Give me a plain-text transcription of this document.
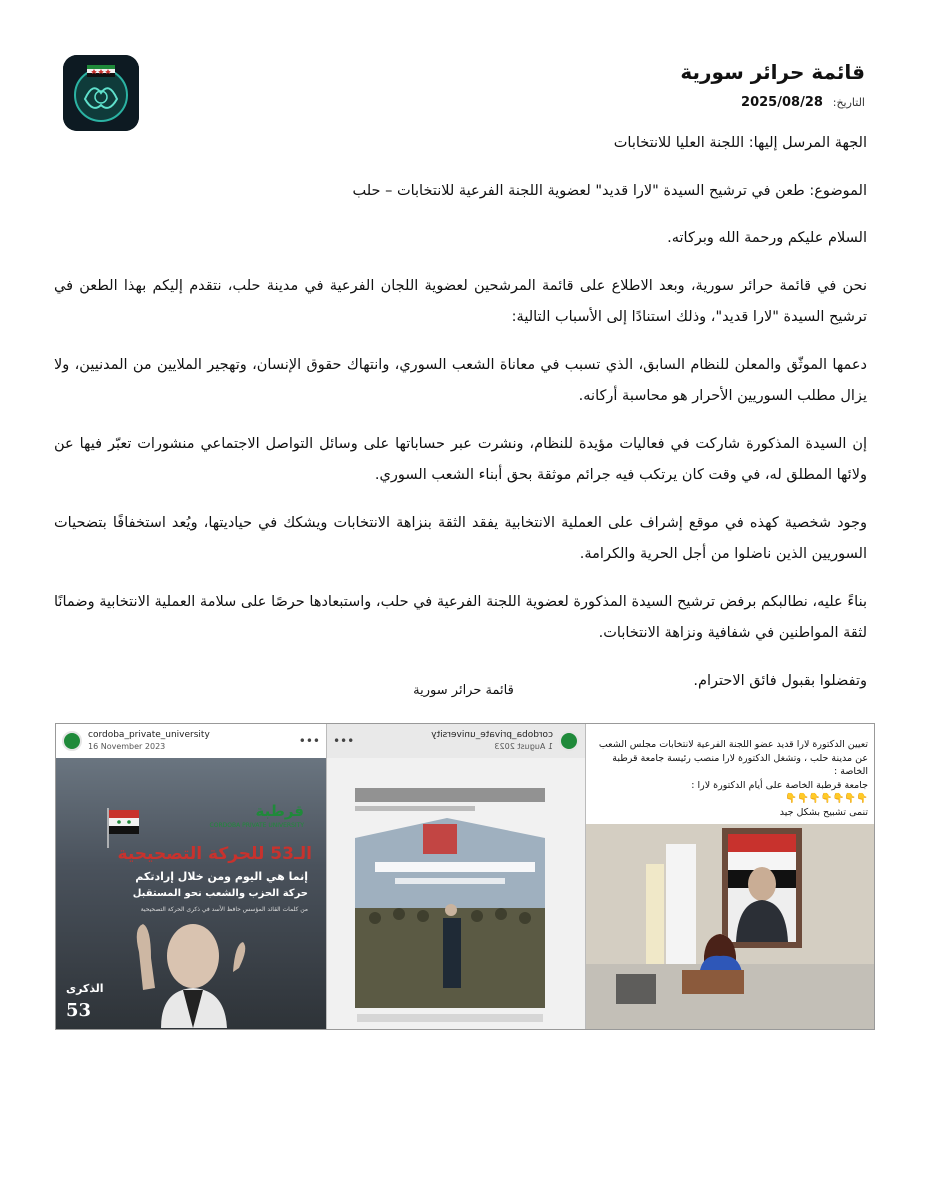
قائمة حرائر سورية
التاريخ: 2025/08/28

الجهة المرسل إليها: اللجنة العليا للانتخابات

الموضوع: طعن في ترشيح السيدة "لارا قديد" لعضوية اللجنة الفرعية للانتخابات – حلب

السلام عليكم ورحمة الله وبركاته.

نحن في قائمة حرائر سورية، وبعد الاطلاع على قائمة المرشحين لعضوية اللجان الفرعية في مدينة حلب، نتقدم إليكم بهذا الطعن في ترشيح السيدة "لارا قديد"، وذلك استنادًا إلى الأسباب التالية:

دعمها الموثّق والمعلن للنظام السابق، الذي تسبب في معاناة الشعب السوري، وانتهاك حقوق الإنسان، وتهجير الملايين من المدنيين، ولا يزال مطلب السوريين الأحرار هو محاسبة أركانه.

إن السيدة المذكورة شاركت في فعاليات مؤيدة للنظام، ونشرت عبر حساباتها على وسائل التواصل الاجتماعي منشورات تعبّر فيها عن ولائها المطلق له، في وقت كان يرتكب فيه جرائم موثقة بحق أبناء الشعب السوري.

وجود شخصية كهذه في موقع إشراف على العملية الانتخابية يفقد الثقة بنزاهة الانتخابات ويشكك في حياديتها، ويُعد استخفافًا بتضحيات السوريين الذين ناضلوا من أجل الحرية والكرامة.

بناءً عليه، نطالبكم برفض ترشيح السيدة المذكورة لعضوية اللجنة الفرعية في حلب، واستبعادها حرصًا على سلامة العملية الانتخابية وضمانًا لثقة المواطنين في شفافية ونزاهة الانتخابات.

وتفضلوا بقبول فائق الاحترام.

قائمة حرائر سورية
cordoba_private_university
16 November 2023	•••
قرطبة
CORDOBA PRIVATE UNIVERSITY
الـ53 للحركة التصحيحية
إنما هي اليوم ومن خلال إرادتكم
حركة الحزب والشعب نحو المستقبل
من كلمات القائد المؤسس حافظ الأسد في ذكرى الحركة التصحيحية
الذكرى
53
cordoba_private_university
1 August 2023
•••	تعيين الدكتورة لارا قديد عضو اللجنة الفرعية لانتخابات مجلس الشعب عن مدينة حلب ، وتشغل الدكتورة لارا منصب رئيسة جامعة قرطبة الخاصة :
جامعة قرطبة الخاصة على أيام الدكتورة لارا :
👇👇👇👇👇👇👇
تنمى تشبيح بشكل جيد
